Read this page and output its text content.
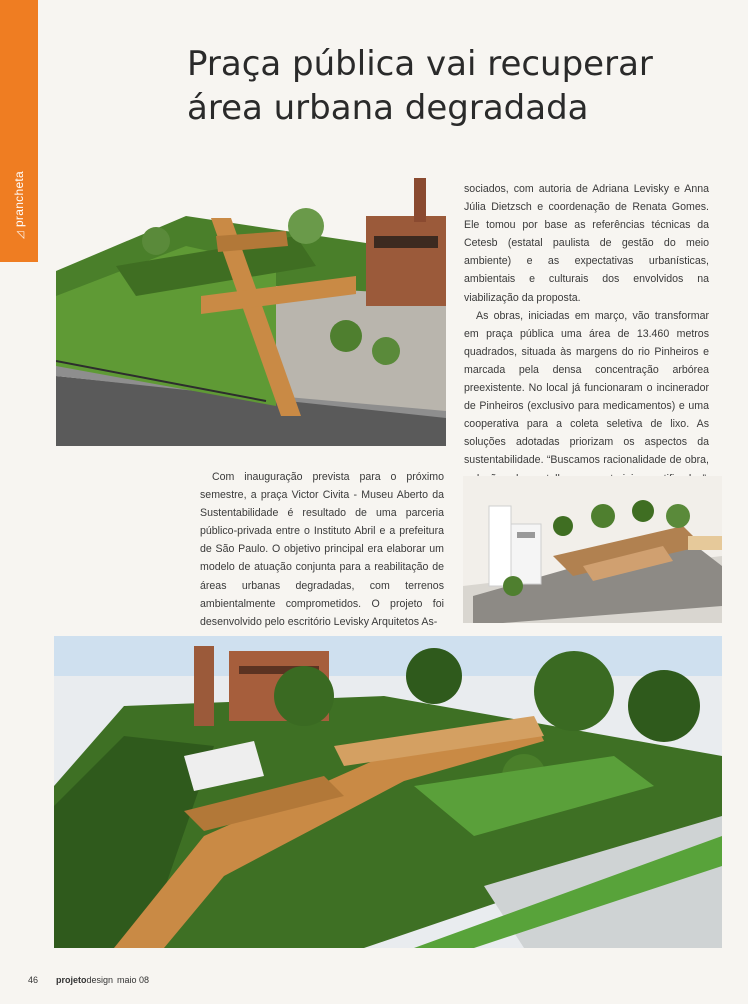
◿prancheta
Praça pública vai recuperar
área urbana degradada

sociados, com autoria de Adriana Levisky e Anna Júlia Dietzsch e coordenação de Renata Gomes. Ele tomou por base as referências técnicas da Cetesb (estatal paulista de gestão do meio ambiente) e as expectativas urbanísticas, ambientais e culturais dos envolvidos na viabilização da proposta.

As obras, iniciadas em março, vão transformar em praça pública uma área de 13.460 metros quadrados, situada às margens do rio Pinheiros e marcada pela densa concentração arbórea preexistente. No local já funcionaram o incinerador de Pinheiros (exclusivo para medicamentos) e uma cooperativa para a coleta seletiva de lixo. As soluções adotadas priorizam os aspectos da sustentabilidade. “Buscamos racionalidade de obra,

Com inauguração prevista para o próximo semestre, a praça Victor Civita - Museu Aberto da Sustentabilidade é resultado de uma parceria público-privada entre o Instituto Abril e a prefeitura de São Paulo. O objetivo principal era elaborar um modelo de atuação conjunta para a reabilitação de áreas urbanas degradadas, com terrenos ambientalmente comprometidos. O projeto foi desenvolvido pelo escritório Levisky Arquitetos As-

46 projetodesign maio 08
